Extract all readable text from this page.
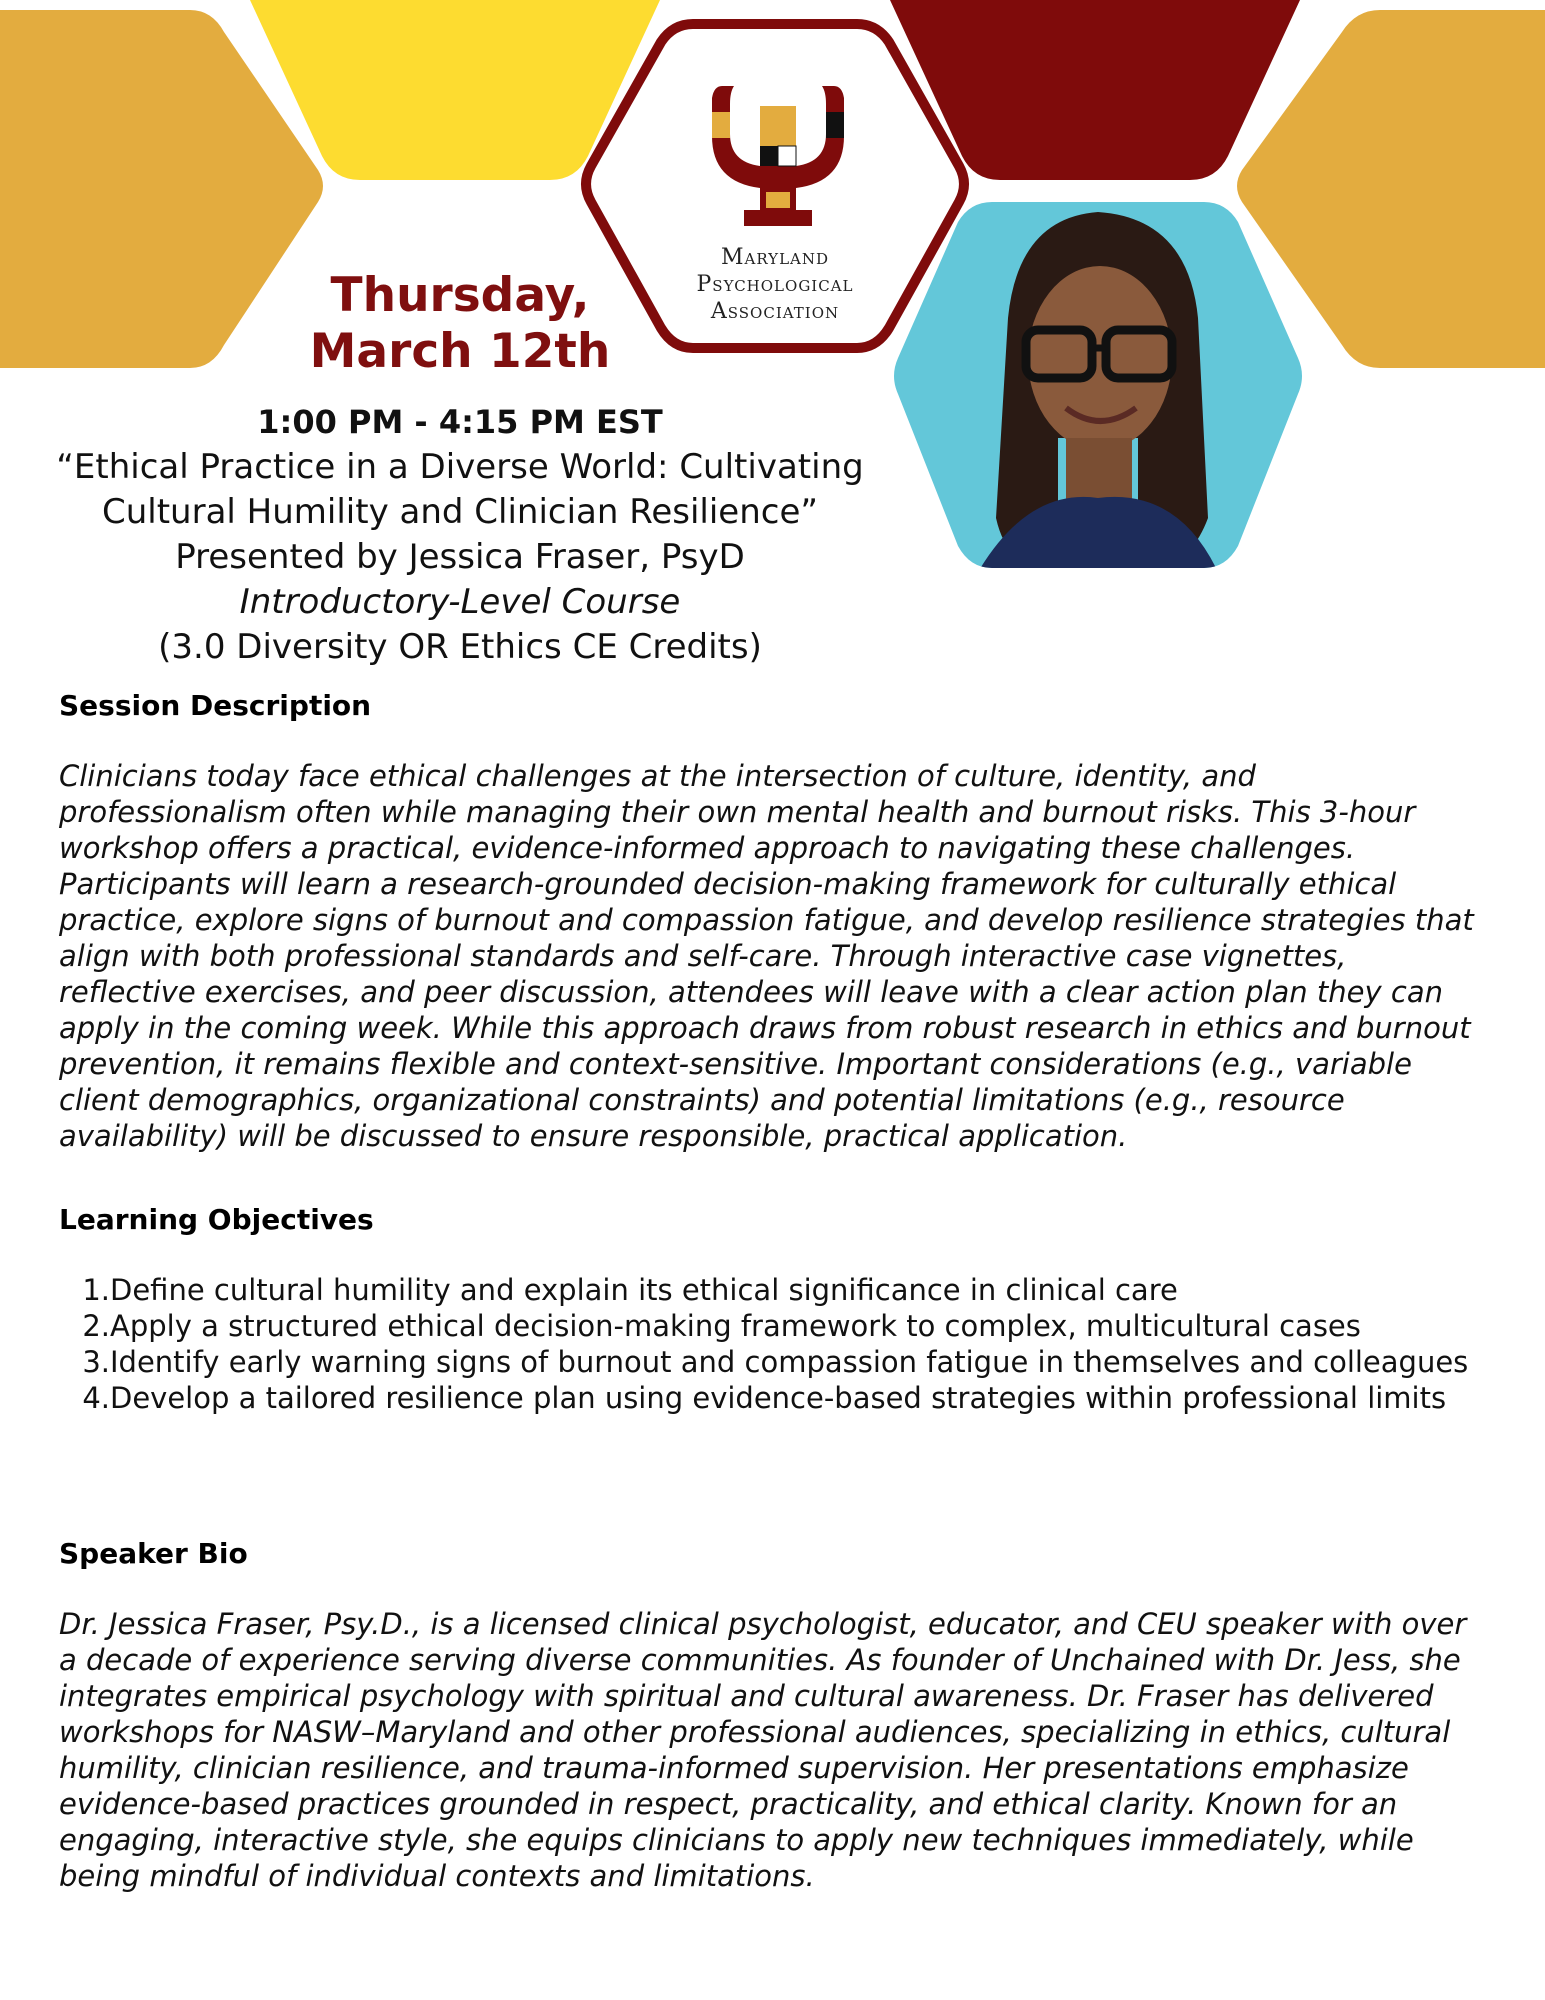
Maryland
Psychological
Association
Thursday,
March 12th
1:00 PM - 4:15 PM EST
“Ethical Practice in a Diverse World: Cultivating
Cultural Humility and Clinician Resilience”
Presented by Jessica Fraser, PsyD
Introductory-Level Course
(3.0 Diversity OR Ethics CE Credits)
Session Description

Clinicians today face ethical challenges at the intersection of culture, identity, and professionalism often while managing their own mental health and burnout risks. This 3-hour workshop offers a practical, evidence-informed approach to navigating these challenges. Participants will learn a research-grounded decision-making framework for culturally ethical practice, explore signs of burnout and compassion fatigue, and develop resilience strategies that align with both professional standards and self-care. Through interactive case vignettes, reflective exercises, and peer discussion, attendees will leave with a clear action plan they can apply in the coming week. While this approach draws from robust research in ethics and burnout prevention, it remains flexible and context-sensitive. Important considerations (e.g., variable client demographics, organizational constraints) and potential limitations (e.g., resource availability) will be discussed to ensure responsible, practical application.

Learning Objectives
1. Define cultural humility and explain its ethical significance in clinical care
2. Apply a structured ethical decision-making framework to complex, multicultural cases
3. Identify early warning signs of burnout and compassion fatigue in themselves and colleagues
4. Develop a tailored resilience plan using evidence-based strategies within professional limits
Speaker Bio

Dr. Jessica Fraser, Psy.D., is a licensed clinical psychologist, educator, and CEU speaker with over a decade of experience serving diverse communities. As founder of Unchained with Dr. Jess, she integrates empirical psychology with spiritual and cultural awareness. Dr. Fraser has delivered workshops for NASW–Maryland and other professional audiences, specializing in ethics, cultural humility, clinician resilience, and trauma-informed supervision. Her presentations emphasize evidence-based practices grounded in respect, practicality, and ethical clarity. Known for an engaging, interactive style, she equips clinicians to apply new techniques immediately, while being mindful of individual contexts and limitations.
